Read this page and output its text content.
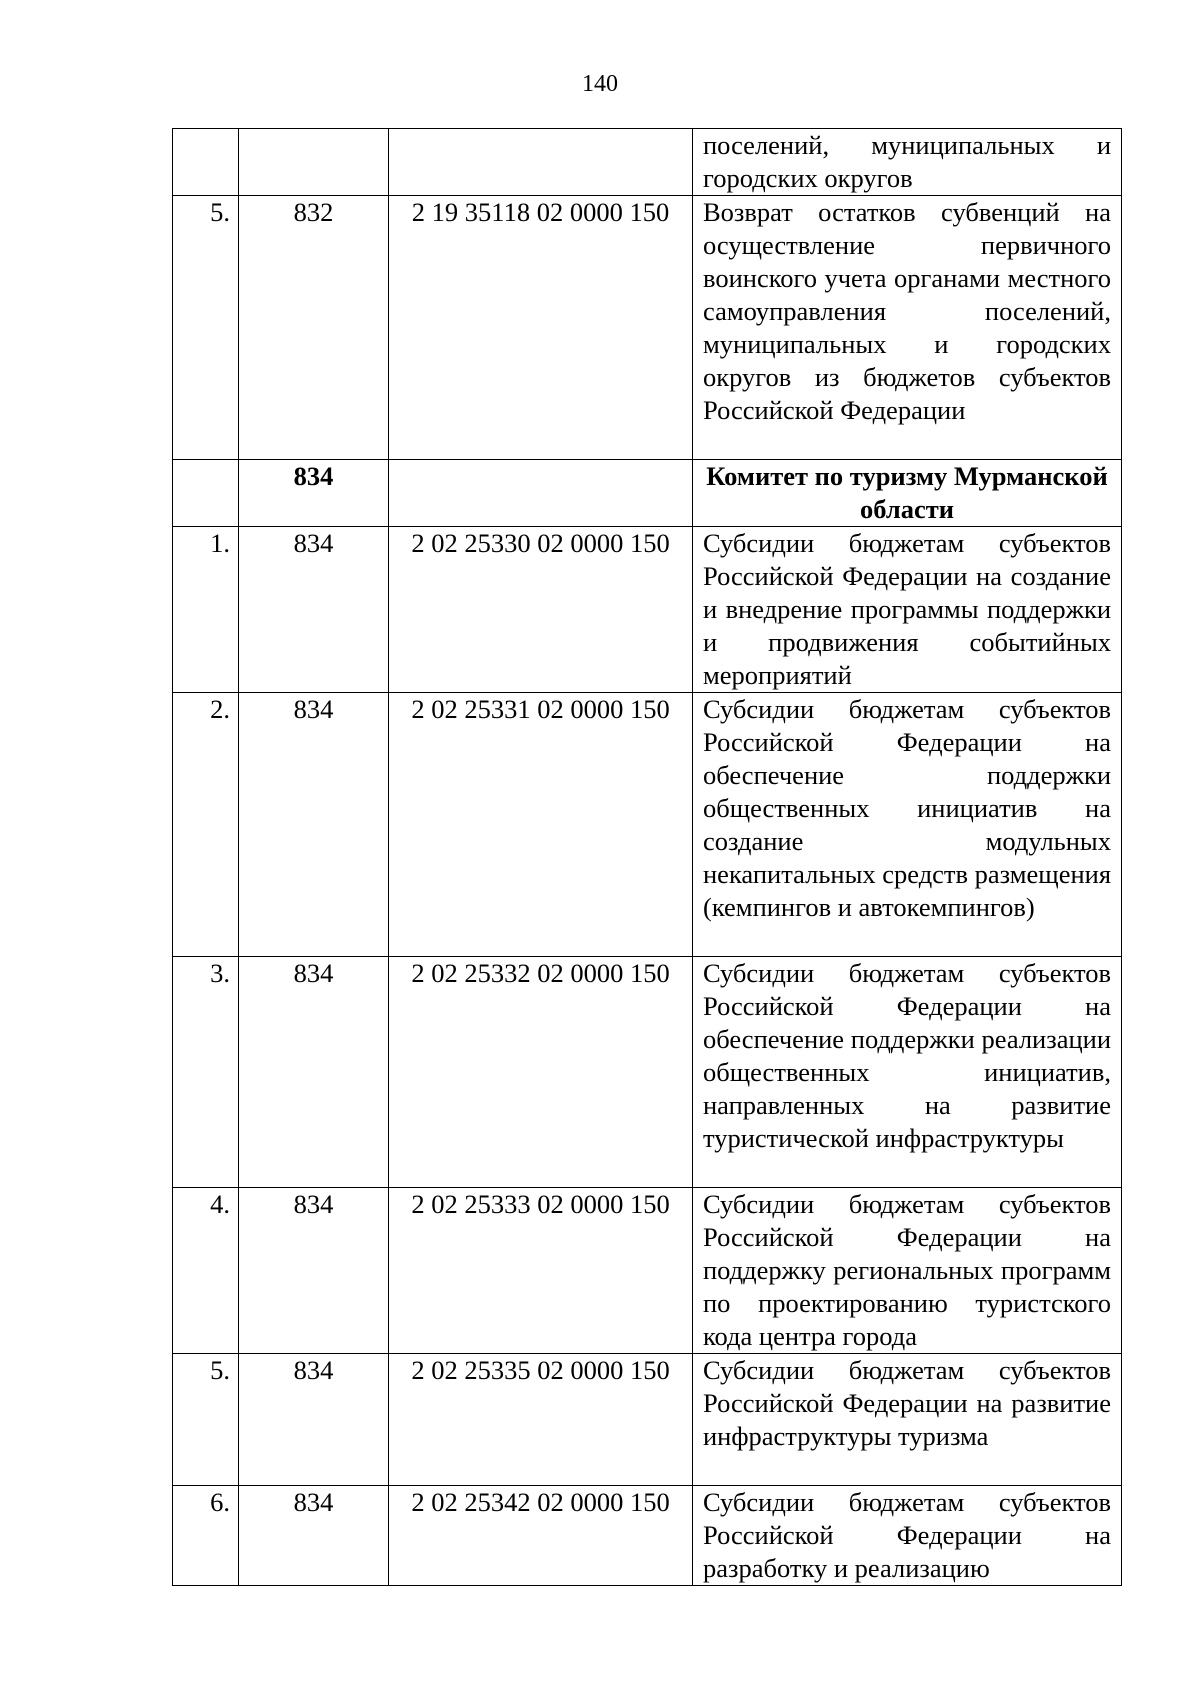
140
			поселений, муниципальных и городских округов
5.	832	2 19 35118 02 0000 150	Возврат остатков субвенций на осуществление первичного воинского учета органами местного самоуправления поселений, муниципальных и городских округов из бюджетов субъектов Российской Федерации
	834		Комитет по туризму Мурманской области
1.	834	2 02 25330 02 0000 150	Субсидии бюджетам субъектов Российской Федерации на создание и внедрение программы поддержки и продвижения событийных мероприятий
2.	834	2 02 25331 02 0000 150	Субсидии бюджетам субъектов Российской Федерации на обеспечение поддержки общественных инициатив на создание модульных некапитальных средств размещения (кемпингов и автокемпингов)
3.	834	2 02 25332 02 0000 150	Субсидии бюджетам субъектов Российской Федерации на обеспечение поддержки реализации общественных инициатив, направленных на развитие туристической инфраструктуры
4.	834	2 02 25333 02 0000 150	Субсидии бюджетам субъектов Российской Федерации на поддержку региональных программ по проектированию туристского кода центра города
5.	834	2 02 25335 02 0000 150	Субсидии бюджетам субъектов Российской Федерации на развитие инфраструктуры туризма
6.	834	2 02 25342 02 0000 150	Субсидии бюджетам субъектов Российской Федерации на разработку и реализацию
